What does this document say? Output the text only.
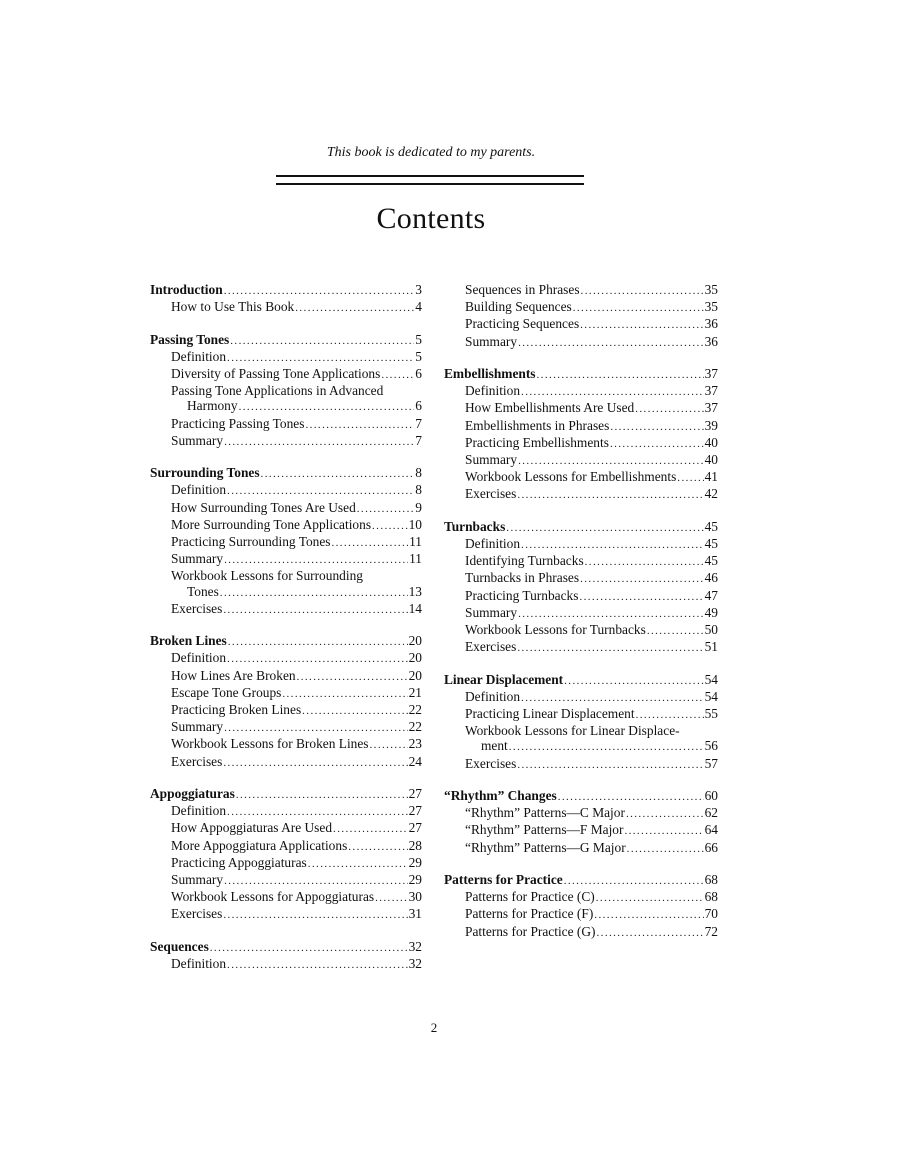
This book is dedicated to my parents.
Contents
Introduction .....	3
How to Use This Book .....	4
Passing Tones .....	5
Definition .....	5
Diversity of Passing Tone Applications .....	6
Passing Tone Applications in Advanced
Harmony .....	6
Practicing Passing Tones .....	7
Summary .....	7
Surrounding Tones .....	8
Definition .....	8
How Surrounding Tones Are Used .....	9
More Surrounding Tone Applications .....	10
Practicing Surrounding Tones .....	11
Summary .....	11
Workbook Lessons for Surrounding
Tones .....	13
Exercises .....	14
Broken Lines .....	20
Definition .....	20
How Lines Are Broken .....	20
Escape Tone Groups .....	21
Practicing Broken Lines .....	22
Summary .....	22
Workbook Lessons for Broken Lines .....	23
Exercises .....	24
Appoggiaturas .....	27
Definition .....	27
How Appoggiaturas Are Used .....	27
More Appoggiatura Applications .....	28
Practicing Appoggiaturas .....	29
Summary .....	29
Workbook Lessons for Appoggiaturas .....	30
Exercises .....	31
Sequences .....	32
Definition .....	32
Sequences in Phrases .....	35
Building Sequences .....	35
Practicing Sequences .....	36
Summary .....	36
Embellishments .....	37
Definition .....	37
How Embellishments Are Used .....	37
Embellishments in Phrases .....	39
Practicing Embellishments .....	40
Summary .....	40
Workbook Lessons for Embellishments ..... 41
Exercises .....	42
Turnbacks .....	45
Definition .....	45
Identifying Turnbacks .....	45
Turnbacks in Phrases .....	46
Practicing Turnbacks .....	47
Summary .....	49
Workbook Lessons for Turnbacks .....	50
Exercises .....	51
Linear Displacement .....	54
Definition .....	54
Practicing Linear Displacement .....	55
Workbook Lessons for Linear Displace-
ment .....	56
Exercises .....	57
“Rhythm” Changes .....	60
“Rhythm” Patterns—C Major .....	62
“Rhythm” Patterns—F Major .....	64
“Rhythm” Patterns—G Major .....	66
Patterns for Practice .....	68
Patterns for Practice (C) .....	68
Patterns for Practice (F) .....	70
Patterns for Practice (G) .....	72
2
